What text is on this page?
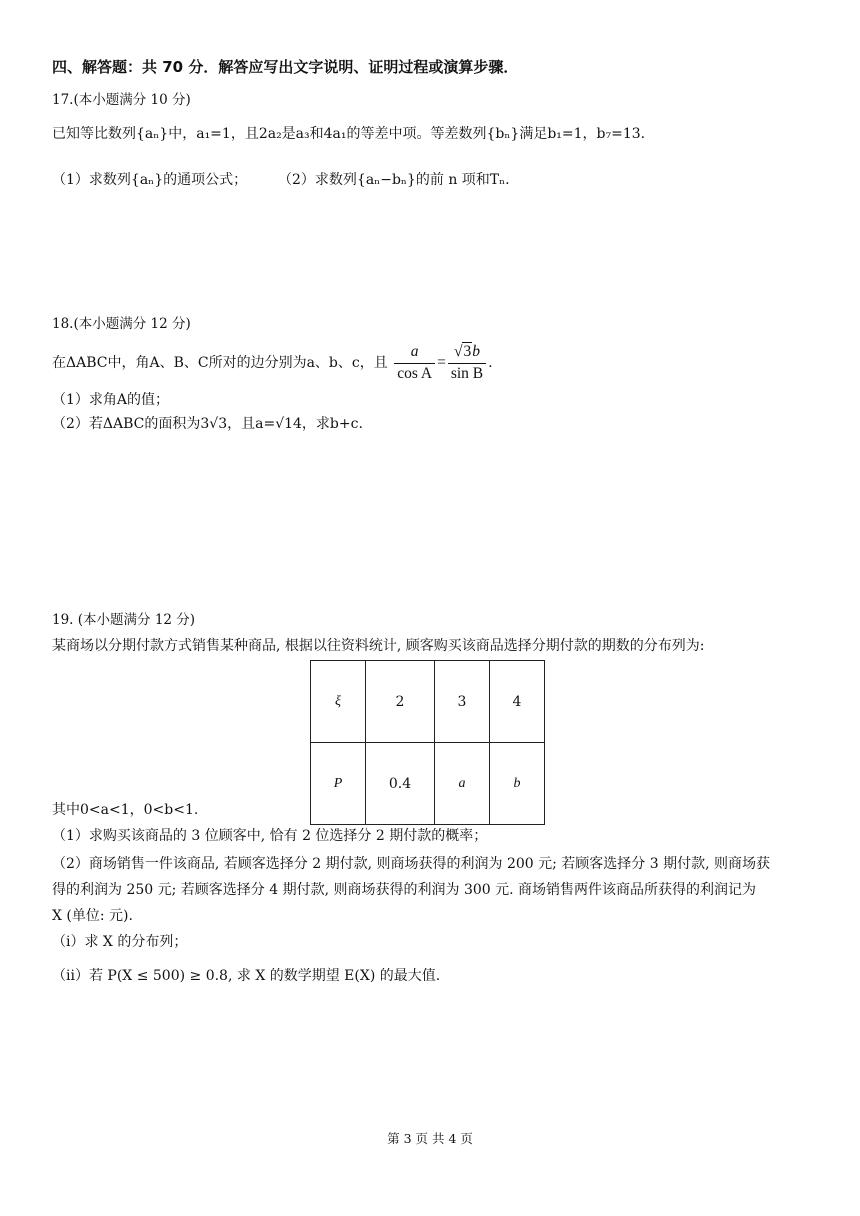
四、解答题：共 70 分．解答应写出文字说明、证明过程或演算步骤．
17.(本小题满分 10 分)
已知等比数列{aₙ}中，a₁=1，且2a₂是a₃和4a₁的等差中项。等差数列{bₙ}满足b₁=1，b₇=13.
（1）求数列{aₙ}的通项公式； （2）求数列{aₙ−bₙ}的前 n 项和Tₙ.
18.(本小题满分 12 分)
在ΔABC中，角A、B、C所对的边分别为a、b、c，且 $\frac{a}{\text{cos A}} = \frac{√3b}{\text{sin B}}$ .
（1）求角A的值；
（2）若ΔABC的面积为3√3，且a=√14，求b+c.
19. (本小题满分 12 分)
某商场以分期付款方式销售某种商品, 根据以往资料统计, 顾客购买该商品选择分期付款的期数的分布列为:
ξ	2	3	4
P	0.4	a	b
其中0<a<1，0<b<1.
（1）求购买该商品的 3 位顾客中, 恰有 2 位选择分 2 期付款的概率；
（2）商场销售一件该商品, 若顾客选择分 2 期付款, 则商场获得的利润为 200 元; 若顾客选择分 3 期付款, 则商场获
得的利润为 250 元; 若顾客选择分 4 期付款, 则商场获得的利润为 300 元. 商场销售两件该商品所获得的利润记为
X (单位: 元).
（i）求 X 的分布列；
（ii）若 P(X ≤ 500) ≥ 0.8, 求 X 的数学期望 E(X) 的最大值.
第 3 页 共 4 页
